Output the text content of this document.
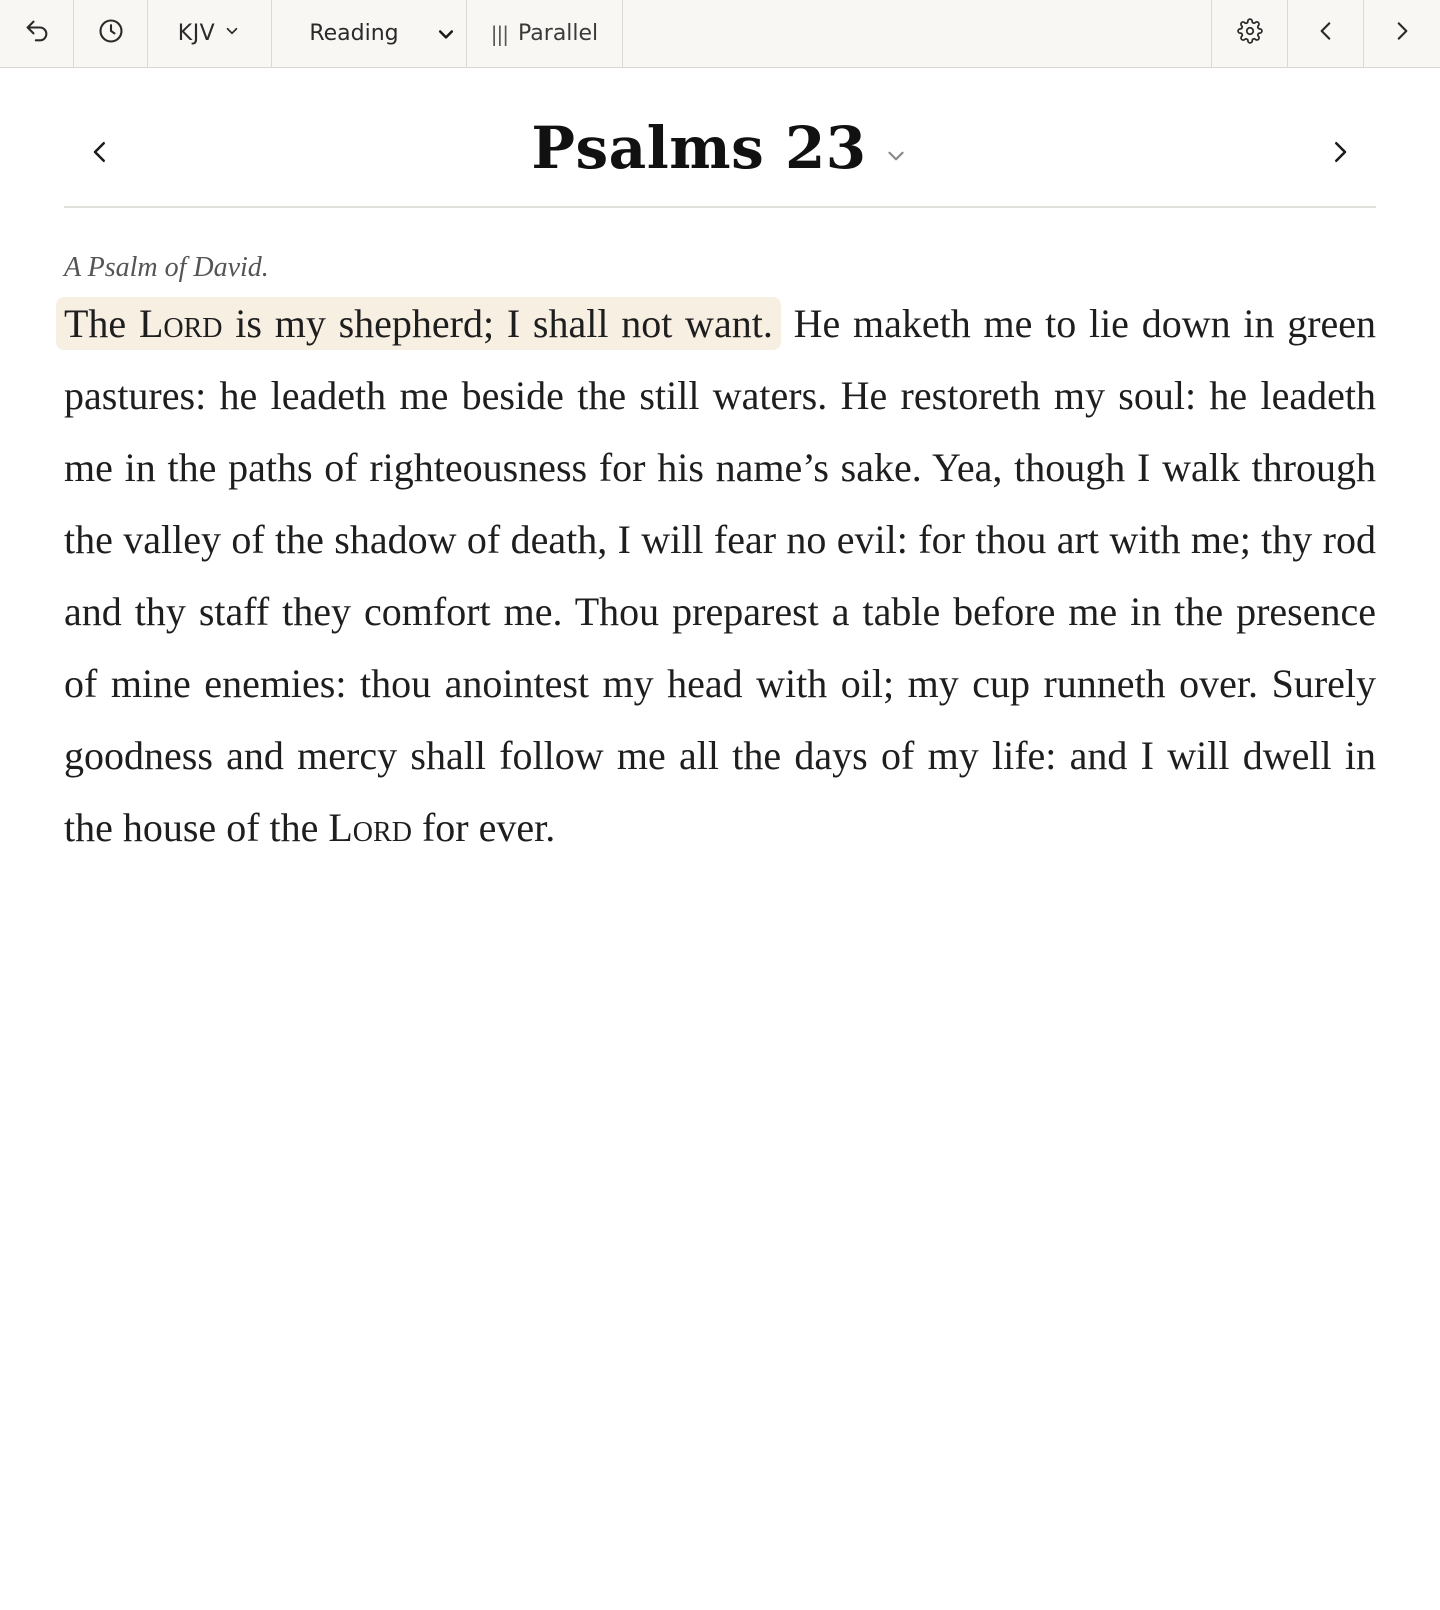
KJV	Reading	||| Parallel
Psalms 23

A Psalm of David.

The Lord is my shepherd; I shall not want. He maketh me to lie down in green pastures: he leadeth me beside the still waters. He restoreth my soul: he leadeth me in the paths of righteousness for his name’s sake. Yea, though I walk through the valley of the shadow of death, I will fear no evil: for thou art with me; thy rod and thy staff they comfort me. Thou preparest a table before me in the presence of mine enemies: thou anointest my head with oil; my cup runneth over. Surely goodness and mercy shall follow me all the days of my life: and I will dwell in the house of the Lord for ever.
